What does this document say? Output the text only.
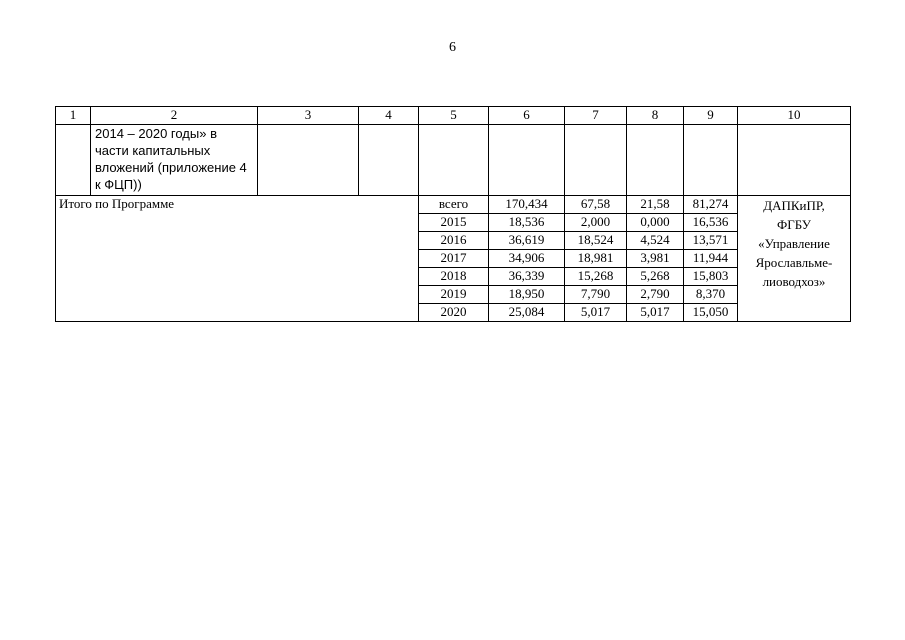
6
1	2	3	4	5	6	7	8	9	10
	2014 – 2020 годы» в части капитальных вложений (приложение 4 к ФЦП))								
Итого по Программе				всего	170,434	67,58	21,58	81,274	ДАПКиПР,
ФГБУ
«Управление
Ярославльме-
лиоводхоз»

				2015	18,536	2,000	0,000	16,536	
				2016	36,619	18,524	4,524	13,571	
				2017	34,906	18,981	3,981	11,944	
				2018	36,339	15,268	5,268	15,803	
				2019	18,950	7,790	2,790	8,370	
				2020	25,084	5,017	5,017	15,050	
